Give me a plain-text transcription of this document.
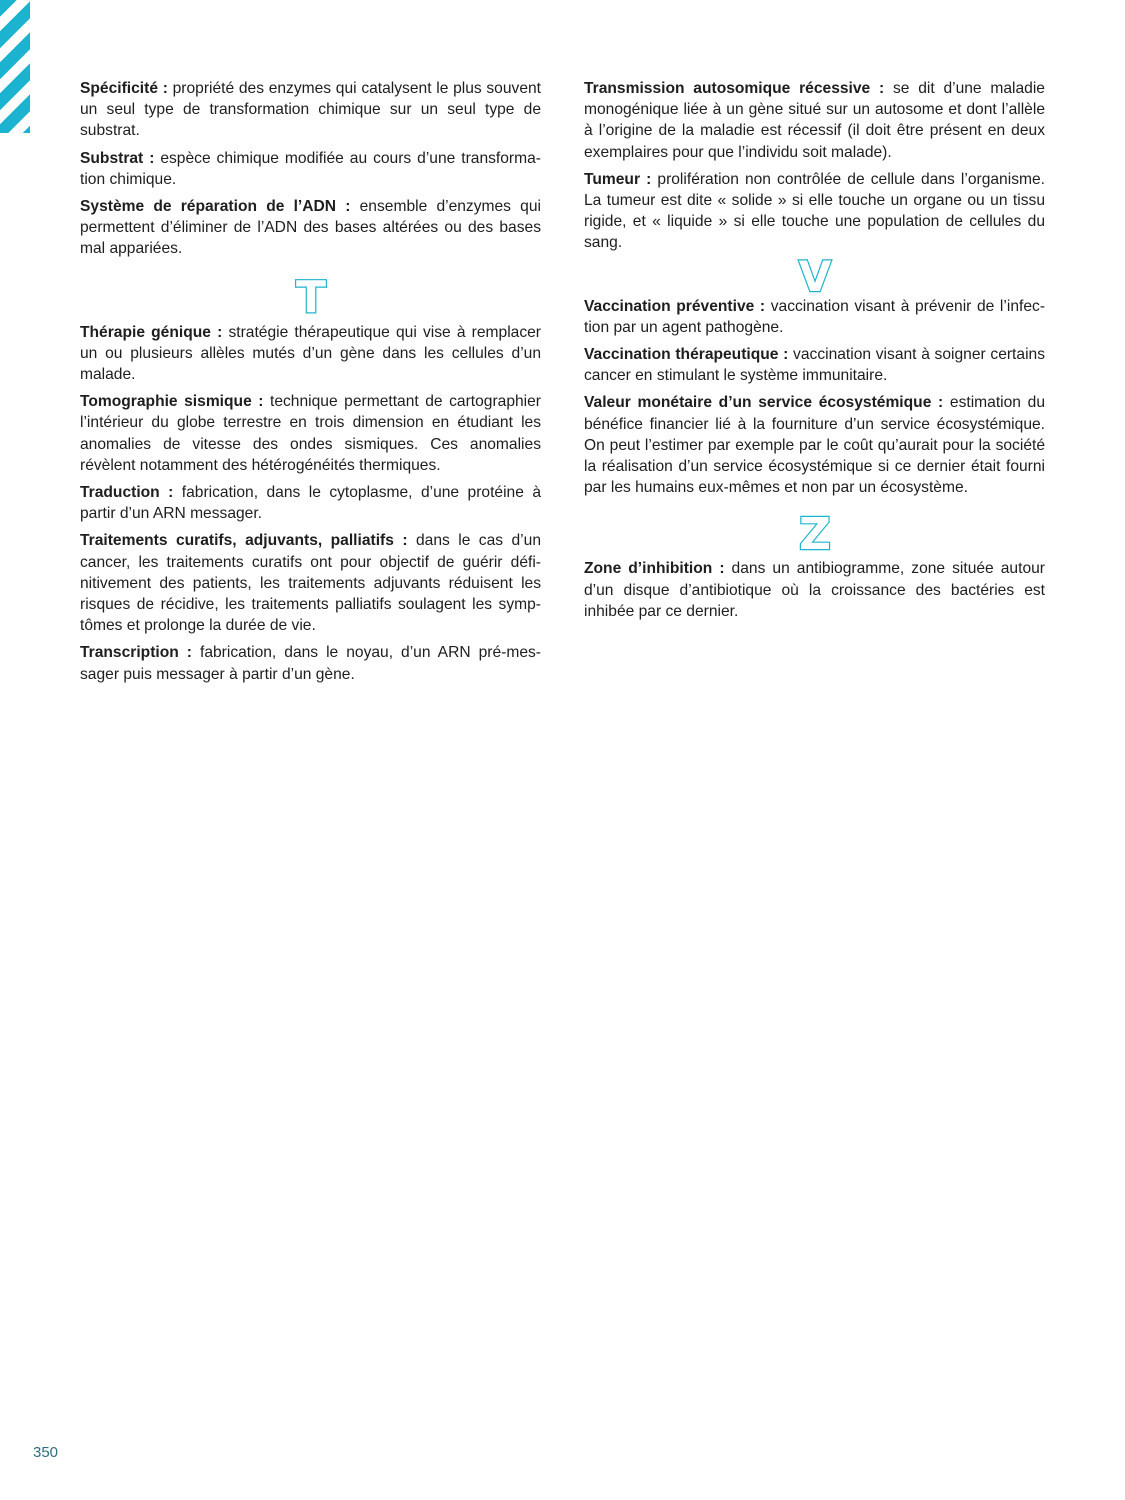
Spécificité : propriété des enzymes qui catalysent le plus souvent un seul type de transformation chimique sur un seul type de substrat.

Substrat : espèce chimique modifiée au cours d’une transformation chimique.

Système de réparation de l’ADN : ensemble d’enzymes qui permettent d’éliminer de l’ADN des bases altérées ou des bases mal appariées.

T

Thérapie génique : stratégie thérapeutique qui vise à remplacer un ou plusieurs allèles mutés d’un gène dans les cellules d’un malade.

Tomographie sismique : technique permettant de cartographier l’intérieur du globe terrestre en trois dimension en étudiant les anomalies de vitesse des ondes sismiques. Ces anomalies révèlent notamment des hétérogénéités thermiques.

Traduction : fabrication, dans le cytoplasme, d’une protéine à partir d’un ARN messager.

Traitements curatifs, adjuvants, palliatifs : dans le cas d’un cancer, les traitements curatifs ont pour objectif de guérir définitivement des patients, les traitements adjuvants réduisent les risques de récidive, les traitements palliatifs soulagent les symptômes et prolonge la durée de vie.

Transcription : fabrication, dans le noyau, d’un ARN pré-messager puis messager à partir d’un gène.

Transmission autosomique récessive : se dit d’une maladie monogénique liée à un gène situé sur un autosome et dont l’allèle à l’origine de la maladie est récessif (il doit être présent en deux exemplaires pour que l’individu soit malade).

Tumeur : prolifération non contrôlée de cellule dans l’organisme. La tumeur est dite « solide » si elle touche un organe ou un tissu rigide, et « liquide » si elle touche une population de cellules du sang.

V

Vaccination préventive : vaccination visant à prévenir de l’infection par un agent pathogène.

Vaccination thérapeutique : vaccination visant à soigner certains cancer en stimulant le système immunitaire.

Valeur monétaire d’un service écosystémique : estimation du bénéfice financier lié à la fourniture d’un service écosystémique. On peut l’estimer par exemple par le coût qu’aurait pour la société la réalisation d’un service écosystémique si ce dernier était fourni par les humains eux-mêmes et non par un écosystème.

Z

Zone d’inhibition : dans un antibiogramme, zone située autour d’un disque d’antibiotique où la croissance des bactéries est inhibée par ce dernier.

350
